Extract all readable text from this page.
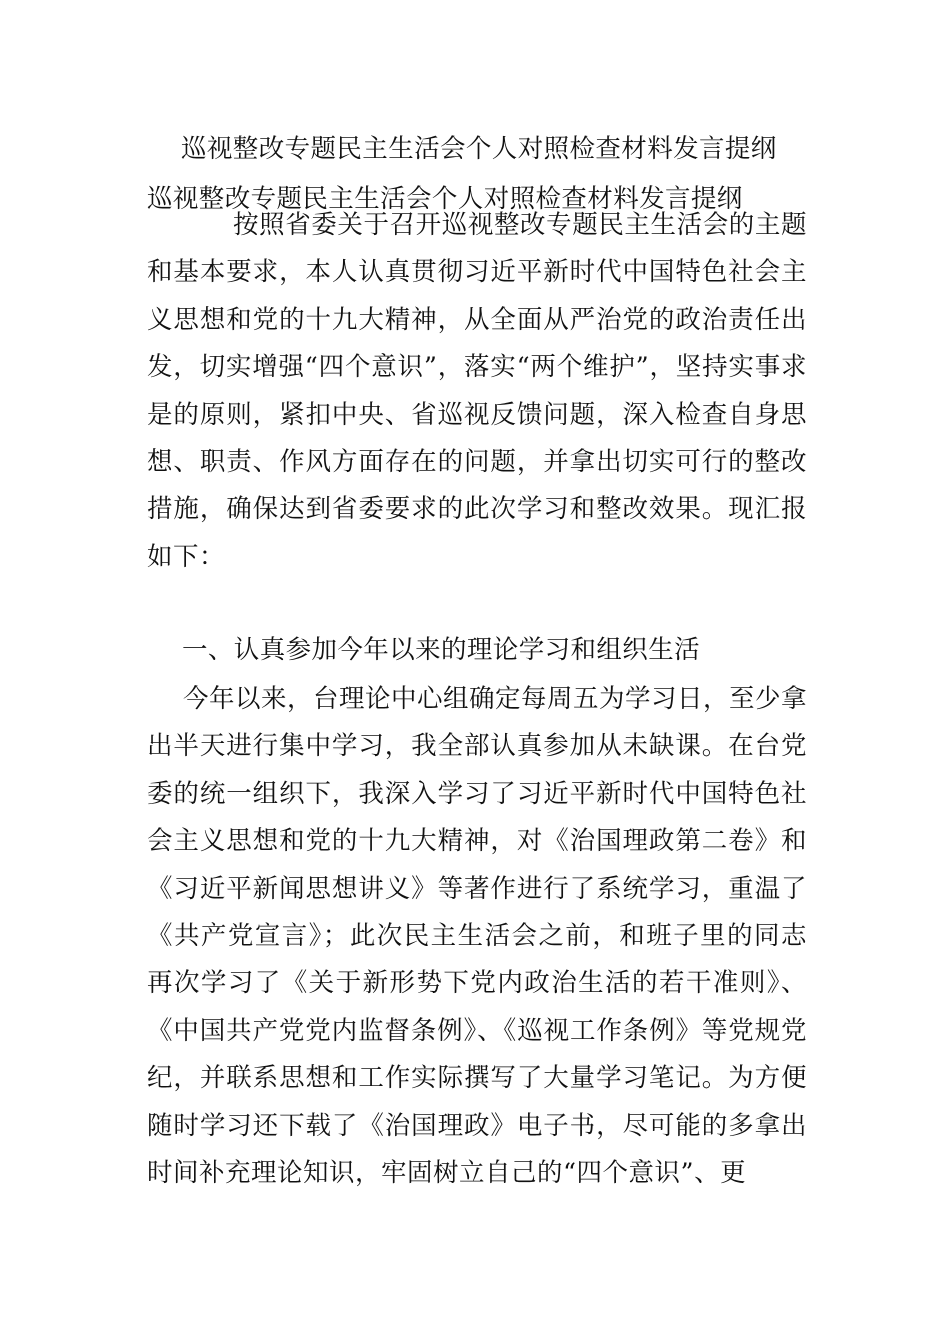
巡视整改专题民主生活会个人对照检查材料发言提纲
巡视整改专题民主生活会个人对照检查材料发言提纲

按照省委关于召开巡视整改专题民主生活会的主题和基本要求，本人认真贯彻习近平新时代中国特色社会主义思想和党的十九大精神，从全面从严治党的政治责任出发，切实增强“四个意识”，落实“两个维护”，坚持实事求是的原则，紧扣中央、省巡视反馈问题，深入检查自身思想、职责、作风方面存在的问题，并拿出切实可行的整改措施，确保达到省委要求的此次学习和整改效果。现汇报如下：

一、认真参加今年以来的理论学习和组织生活

今年以来，台理论中心组确定每周五为学习日，至少拿出半天进行集中学习，我全部认真参加从未缺课。在台党委的统一组织下，我深入学习了习近平新时代中国特色社会主义思想和党的十九大精神，对《治国理政第二卷》和《习近平新闻思想讲义》等著作进行了系统学习，重温了《共产党宣言》；此次民主生活会之前，和班子里的同志再次学习了《关于新形势下党内政治生活的若干准则》、《中国共产党党内监督条例》、《巡视工作条例》等党规党纪，并联系思想和工作实际撰写了大量学习笔记。为方便随时学习还下载了《治国理政》电子书，尽可能的多拿出时间补充理论知识，牢固树立自己的“四个意识”、更
